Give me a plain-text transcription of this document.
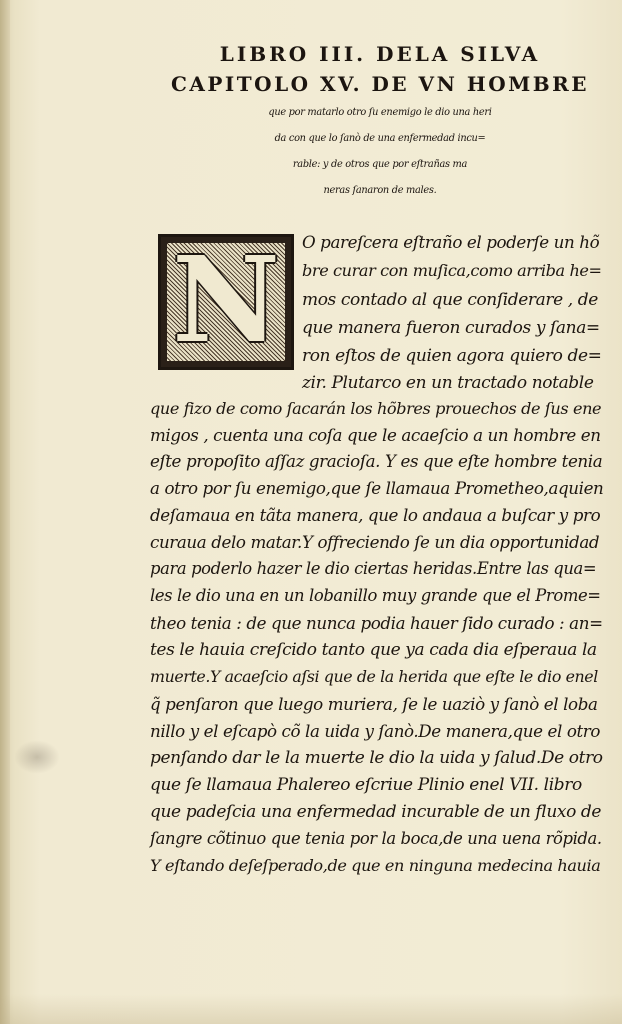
LIBRO III. DELA SILVA
CAPITOLO XV. DE VN HOMBRE
que por matarlo otro ſu enemigo le dio una heri
da con que lo ſanò de una enfermedad incu=
rable: y de otros que por eſtrañas ma
neras ſanaron de males.
N	O pareſcera eſtraño el poderſe un hõ
bre curar con muſica,como arriba he=
mos contado al que conſiderare , de
que manera fueron curados y ſana=
ron eſtos de quien agora quiero de=
zir. Plutarco en un tractado notable
que fizo de como ſacarán los hõbres prouechos de ſus ene
migos , cuenta una coſa que le acaeſcio a un hombre en
eſte propoſito aſſaz gracioſa. Y es que eſte hombre tenia
a otro por ſu enemigo,que ſe llamaua Prometheo,aquien
deſamaua en tãta manera, que lo andaua a buſcar y pro
curaua delo matar.Y offreciendo ſe un dia opportunidad
para poderlo hazer le dio ciertas heridas.Entre las qua=
les le dio una en un lobanillo muy grande que el Prome=
theo tenia : de que nunca podia hauer ſido curado : an=
tes le hauia creſcido tanto que ya cada dia eſperaua la
muerte.Y acaeſcio aſsi que de la herida que eſte le dio enel
q̃ penſaron que luego muriera, ſe le uaziò y ſanò el loba
nillo y el eſcapò cõ la uida y ſanò.De manera,que el otro
penſando dar le la muerte le dio la uida y ſalud.De otro
que ſe llamaua Phalereo eſcriue Plinio enel VII. libro
que padeſcia una enfermedad incurable de un fluxo de
ſangre cõtinuo que tenia por la boca,de una uena rõpida.
Y eſtando deſeſperado,de que en ninguna medecina hauia
